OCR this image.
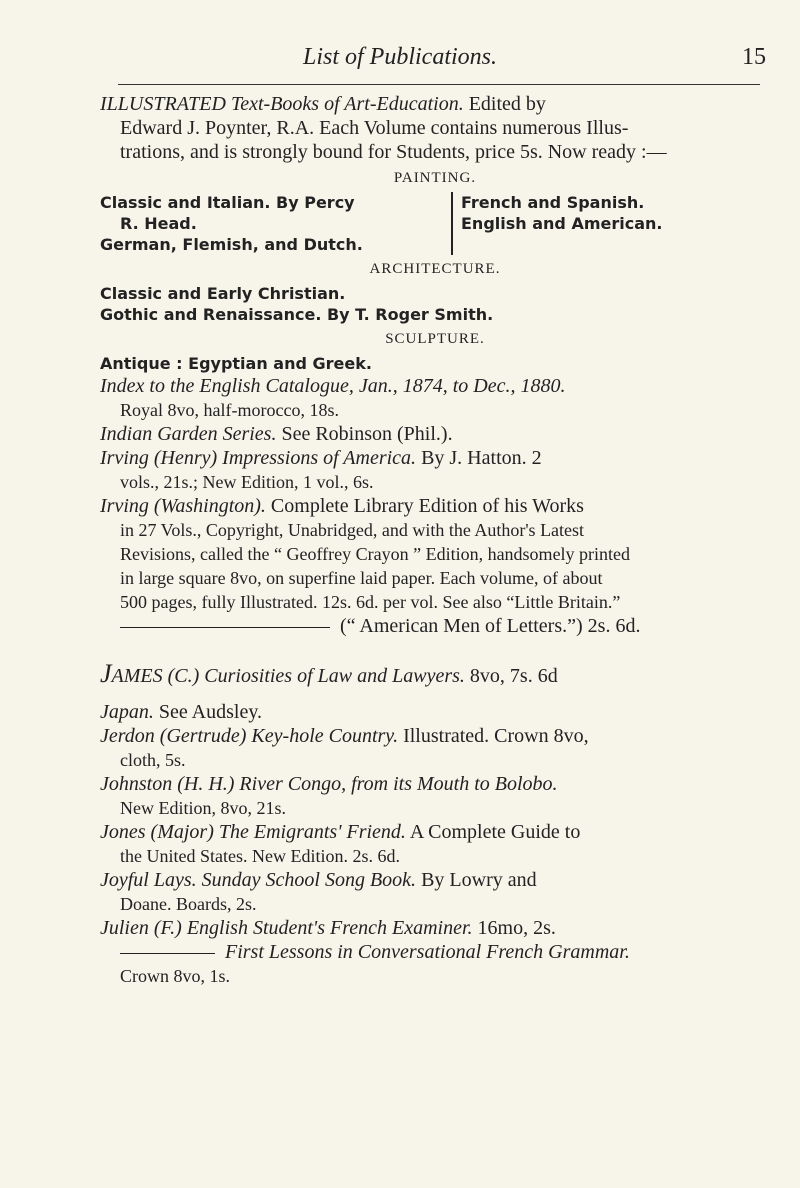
List of Publications.	15

ILLUSTRATED Text-Books of Art-Education. Edited by
Edward J. Poynter, R.A. Each Volume contains numerous Illus-
trations, and is strongly bound for Students, price 5s. Now ready :—

PAINTING.
Classic and Italian. By Percy
R. Head.
German, Flemish, and Dutch.
French and Spanish.
English and American.
ARCHITECTURE.
Classic and Early Christian.
Gothic and Renaissance. By T. Roger Smith.
SCULPTURE.
Antique : Egyptian and Greek.

Index to the English Catalogue, Jan., 1874, to Dec., 1880.
Royal 8vo, half-morocco, 18s.

Indian Garden Series. See Robinson (Phil.).

Irving (Henry) Impressions of America. By J. Hatton. 2
vols., 21s.; New Edition, 1 vol., 6s.

Irving (Washington). Complete Library Edition of his Works
in 27 Vols., Copyright, Unabridged, and with the Author's Latest
Revisions, called the “ Geoffrey Crayon ” Edition, handsomely printed
in large square 8vo, on superfine laid paper. Each volume, of about
500 pages, fully Illustrated. 12s. 6d. per vol. See also “Little Britain.”
(“ American Men of Letters.”) 2s. 6d.

JAMES (C.) Curiosities of Law and Lawyers. 8vo, 7s. 6d

Japan. See Audsley.

Jerdon (Gertrude) Key-hole Country. Illustrated. Crown 8vo,
cloth, 5s.

Johnston (H. H.) River Congo, from its Mouth to Bolobo.
New Edition, 8vo, 21s.

Jones (Major) The Emigrants' Friend. A Complete Guide to
the United States. New Edition. 2s. 6d.

Joyful Lays. Sunday School Song Book. By Lowry and
Doane. Boards, 2s.

Julien (F.) English Student's French Examiner. 16mo, 2s.
First Lessons in Conversational French Grammar.
Crown 8vo, 1s.
